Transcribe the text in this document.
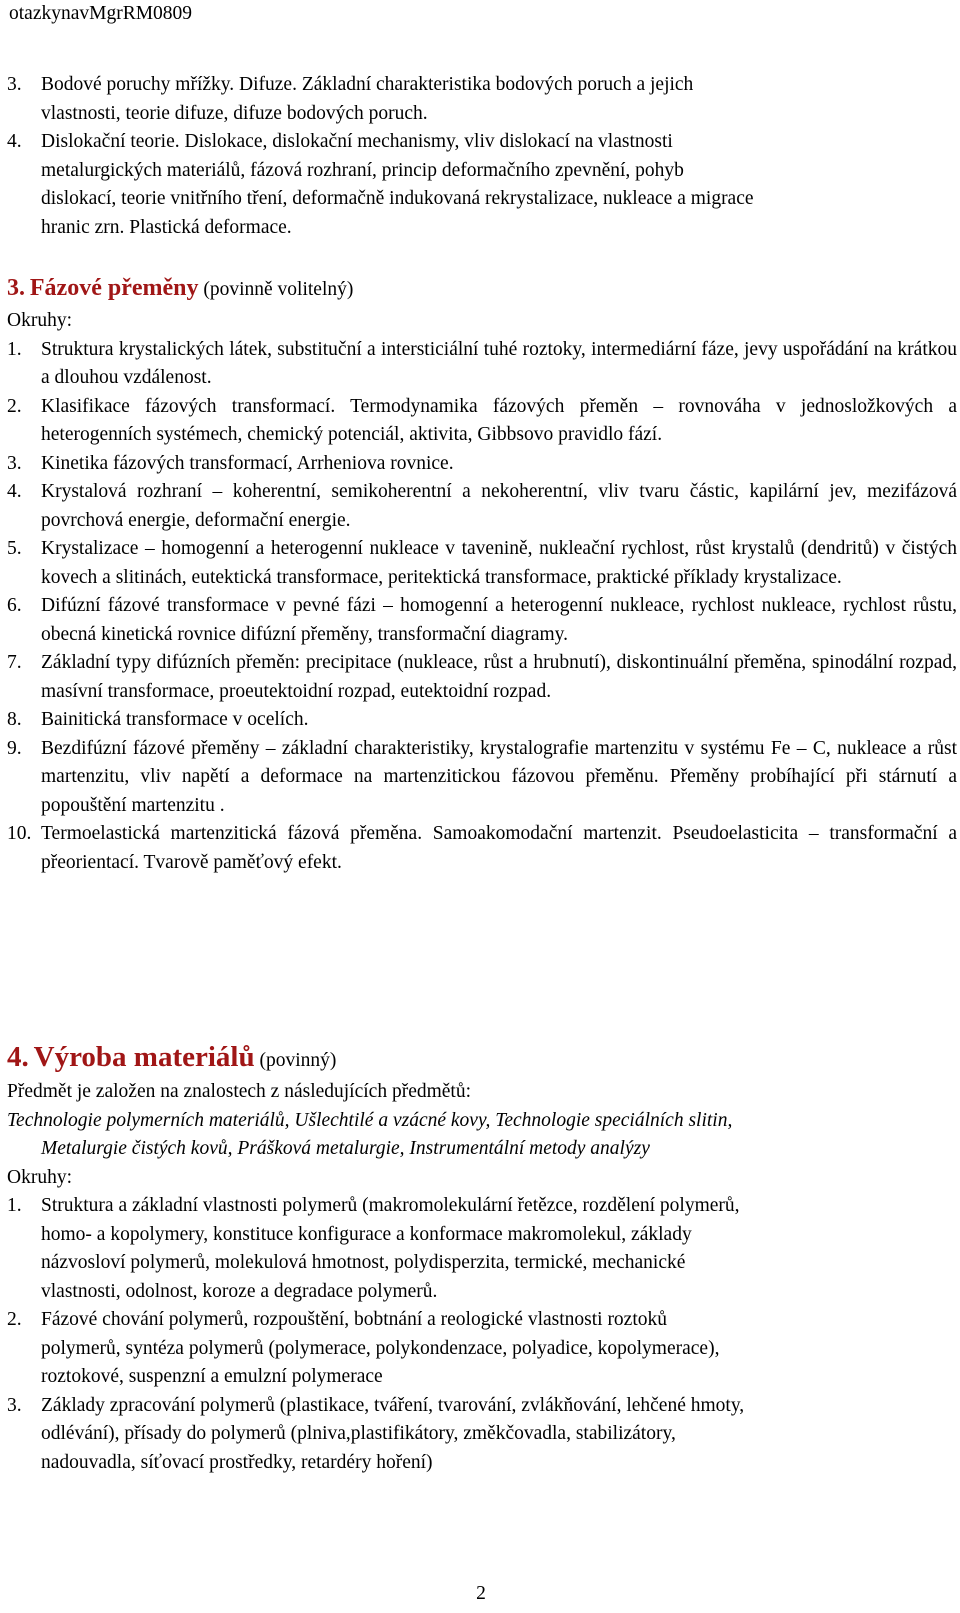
otazkynavMgrRM0809
3. Bodové poruchy mřížky. Difuze. Základní charakteristika bodových poruch a jejich
vlastnosti, teorie difuze, difuze bodových poruch.
4. Dislokační teorie. Dislokace, dislokační mechanismy, vliv dislokací na vlastnosti
metalurgických materiálů, fázová rozhraní, princip deformačního zpevnění, pohyb
dislokací, teorie vnitřního tření, deformačně indukovaná rekrystalizace, nukleace a migrace
hranic zrn. Plastická deformace.
3. Fázové přeměny (povinně volitelný)
Okruhy:
1. Struktura krystalických látek, substituční a intersticiální tuhé roztoky, intermediární fáze, jevy uspořádání na krátkou a dlouhou vzdálenost.
2. Klasifikace fázových transformací. Termodynamika fázových přeměn – rovnováha v jednosložkových a heterogenních systémech, chemický potenciál, aktivita, Gibbsovo pravidlo fází.
3. Kinetika fázových transformací, Arrheniova rovnice.
4. Krystalová rozhraní – koherentní, semikoherentní a nekoherentní, vliv tvaru částic, kapilární jev, mezifázová povrchová energie, deformační energie.
5. Krystalizace – homogenní a heterogenní nukleace v tavenině, nukleační rychlost, růst krystalů (dendritů) v čistých kovech a slitinách, eutektická transformace, peritektická transformace, praktické příklady krystalizace.
6. Difúzní fázové transformace v pevné fázi – homogenní a heterogenní nukleace, rychlost nukleace, rychlost růstu, obecná kinetická rovnice difúzní přeměny, transformační diagramy.
7. Základní typy difúzních přeměn: precipitace (nukleace, růst a hrubnutí), diskontinuální přeměna, spinodální rozpad, masívní transformace, proeutektoidní rozpad, eutektoidní rozpad.
8. Bainitická transformace v ocelích.
9. Bezdifúzní fázové přeměny – základní charakteristiky, krystalografie martenzitu v systému Fe – C, nukleace a růst martenzitu, vliv napětí a deformace na martenzitickou fázovou přeměnu. Přeměny probíhající při stárnutí a popouštění martenzitu .
10. Termoelastická martenzitická fázová přeměna. Samoakomodační martenzit. Pseudoelasticita – transformační a přeorientací. Tvarově paměťový efekt.
4. Výroba materiálů (povinný)
Předmět je založen na znalostech z následujících předmětů:
Technologie polymerních materiálů, Ušlechtilé a vzácné kovy, Technologie speciálních slitin,
Metalurgie čistých kovů, Prášková metalurgie, Instrumentální metody analýzy
Okruhy:
1. Struktura a základní vlastnosti polymerů (makromolekulární řetězce, rozdělení polymerů,
homo- a kopolymery, konstituce konfigurace a konformace makromolekul, základy
názvosloví polymerů, molekulová hmotnost, polydisperzita, termické, mechanické
vlastnosti, odolnost, koroze a degradace polymerů.
2. Fázové chování polymerů, rozpouštění, bobtnání a reologické vlastnosti roztoků
polymerů, syntéza polymerů (polymerace, polykondenzace, polyadice, kopolymerace),
roztokové, suspenzní a emulzní polymerace
3. Základy zpracování polymerů (plastikace, tváření, tvarování, zvlákňování, lehčené hmoty,
odlévání), přísady do polymerů (plniva,plastifikátory, změkčovadla, stabilizátory,
nadouvadla, síťovací prostředky, retardéry hoření)
2
